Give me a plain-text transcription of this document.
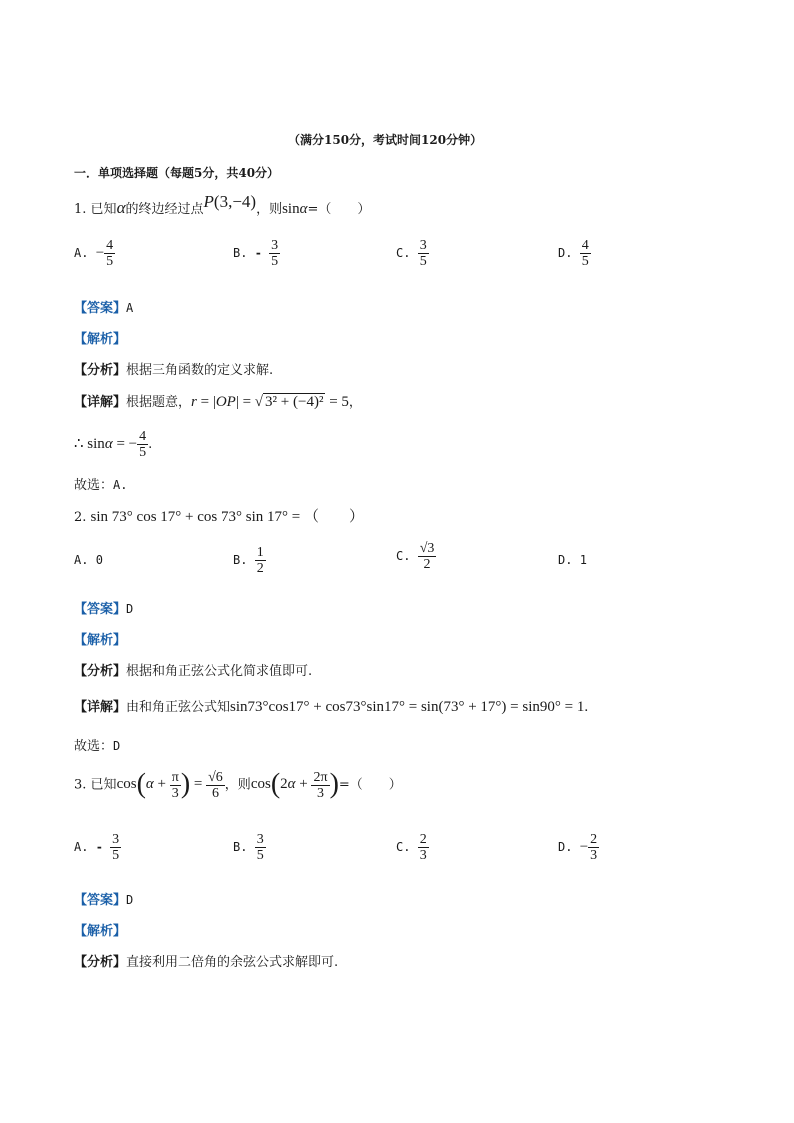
（满分150分，考试时间120分钟）
一．单项选择题（每题5分，共40分）
1. 已知α的终边经过点P(3,−4)，则sinα=（　　）
A. − $\frac{4}{5}$	B. - $\frac{3}{5}$	C. $\frac{3}{5}$	D. $\frac{4}{5}$
【答案】A
【解析】
【分析】根据三角函数的定义求解.
【详解】根据题意，r = |OP| = √ 3² + (−4)² = 5，
∴ sinα = − $\frac{4}{5}$ .
故选：A.
2. sin 73° cos 17° + cos 73° sin 17° = （　　）
A. 0	B. $\frac{1}{2}$	C. $\frac{√3}{2}$	D. 1
【答案】D
【解析】
【分析】根据和角正弦公式化简求值即可.
【详解】由和角正弦公式知sin73°cos17° + cos73°sin17° = sin(73° + 17°) = sin90° = 1.
故选：D
3. 已知$\cos(\alpha + \frac{\pi}{3}$ ) = $\frac{√6}{6}$ ，则$\cos(2\alpha + \frac{2\pi}{3}$ )=（　　）
A. - $\frac{3}{5}$	B. $\frac{3}{5}$	C. $\frac{2}{3}$	D. − $\frac{2}{3}$
【答案】D
【解析】
【分析】直接利用二倍角的余弦公式求解即可.
